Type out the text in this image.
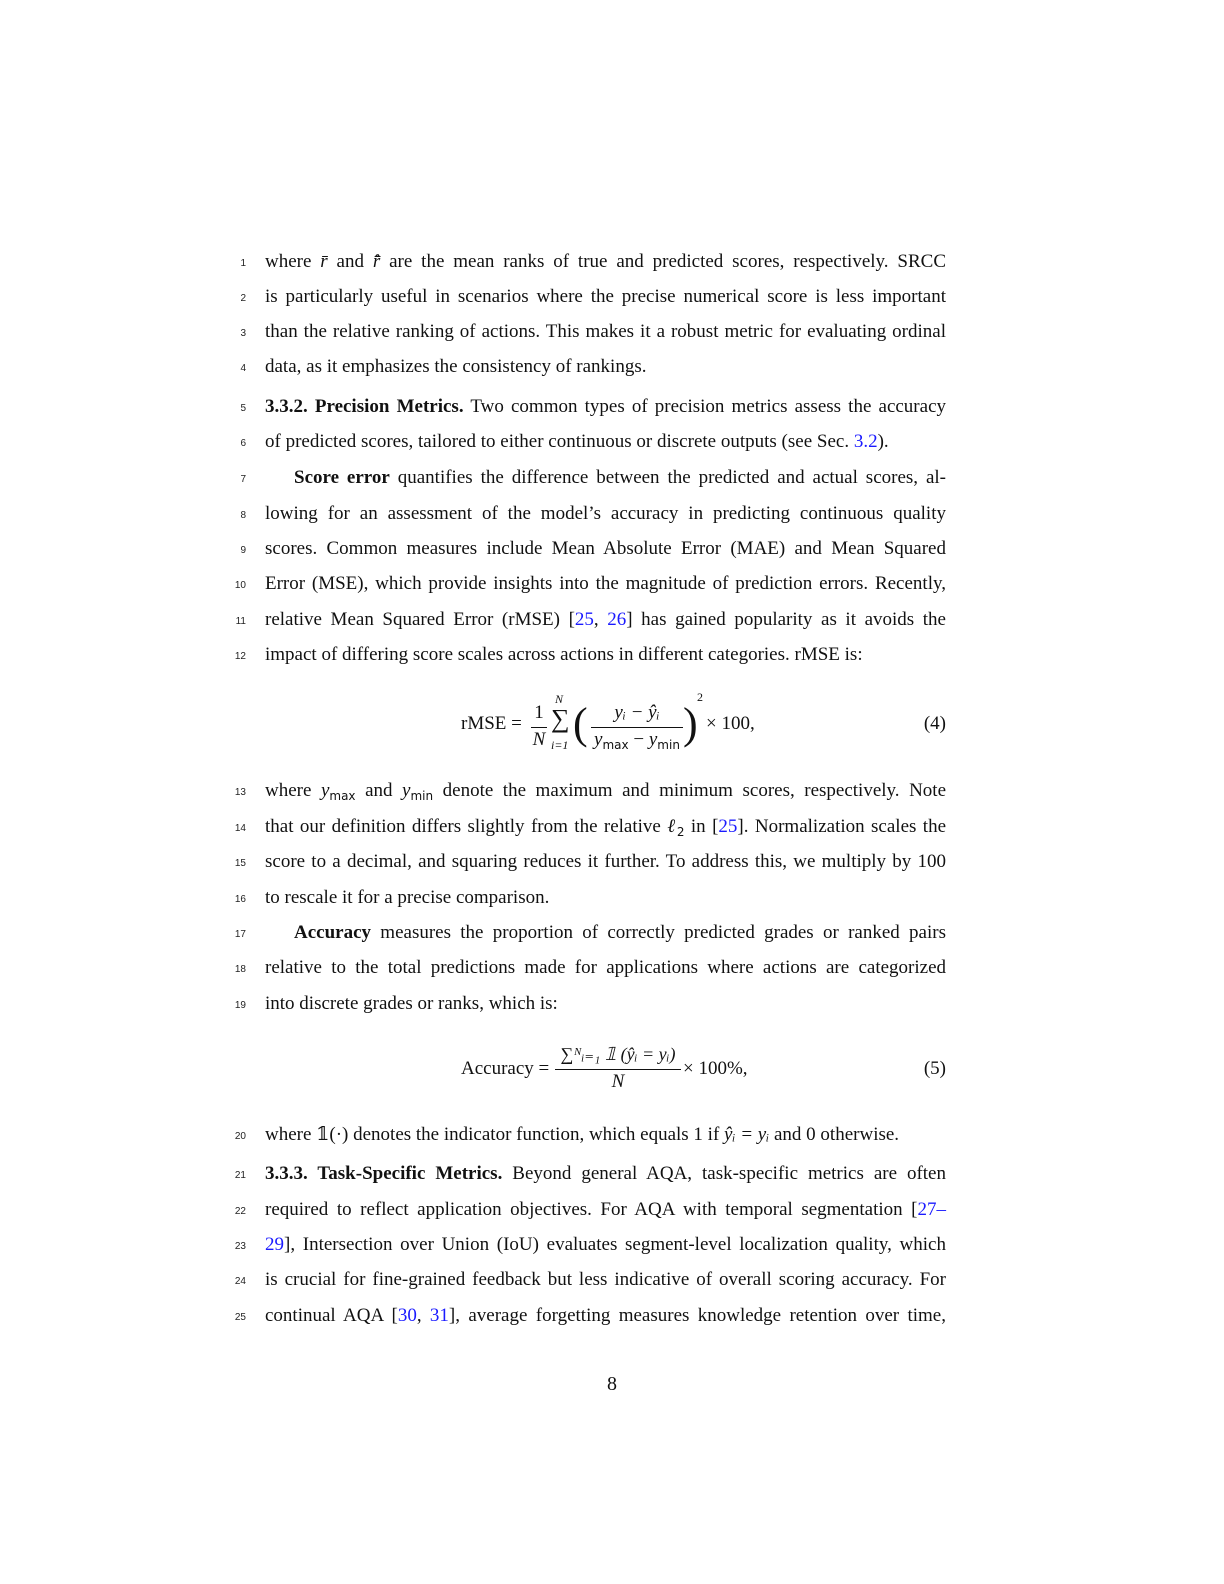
1
2
3
4
5
6
7
8
9
10
11
12
13
14
15
16
17
18
19
20
21
22
23
24
25
where r̄ and r̂̄ are the mean ranks of true and predicted scores, respectively. SRCC
is particularly useful in scenarios where the precise numerical score is less important
than the relative ranking of actions. This makes it a robust metric for evaluating ordinal
data, as it emphasizes the consistency of rankings.
3.3.2. Precision Metrics. Two common types of precision metrics assess the accuracy
of predicted scores, tailored to either continuous or discrete outputs (see Sec. 3.2).
Score error quantifies the difference between the predicted and actual scores, al-
lowing for an assessment of the model’s accuracy in predicting continuous quality
scores. Common measures include Mean Absolute Error (MAE) and Mean Squared
Error (MSE), which provide insights into the magnitude of prediction errors. Recently,
relative Mean Squared Error (rMSE) [25, 26] has gained popularity as it avoids the
impact of differing score scales across actions in different categories. rMSE is:
rMSE =
1
N
N
∑
i=1 (	yᵢ − ŷᵢ
$y_{max} - y_{min}$ )
2
× 100,	(4)
where $y_{max}$ and $y_{min}$ denote the maximum and minimum scores, respectively. Note
that our definition differs slightly from the relative ℓ$_2$ in [25]. Normalization scales the
score to a decimal, and squaring reduces it further. To address this, we multiply by 100
to rescale it for a precise comparison.
Accuracy measures the proportion of correctly predicted grades or ranked pairs
relative to the total predictions made for applications where actions are categorized
into discrete grades or ranks, which is:
Accuracy =
∑ᴺᵢ₌₁ 𝟙 (ŷᵢ = yᵢ)
N
× 100%,	(5)
where 𝟙(·) denotes the indicator function, which equals 1 if ŷᵢ = yᵢ and 0 otherwise.
3.3.3. Task-Specific Metrics. Beyond general AQA, task-specific metrics are often
required to reflect application objectives. For AQA with temporal segmentation [27–
29], Intersection over Union (IoU) evaluates segment-level localization quality, which
is crucial for fine-grained feedback but less indicative of overall scoring accuracy. For
continual AQA [30, 31], average forgetting measures knowledge retention over time,
8
